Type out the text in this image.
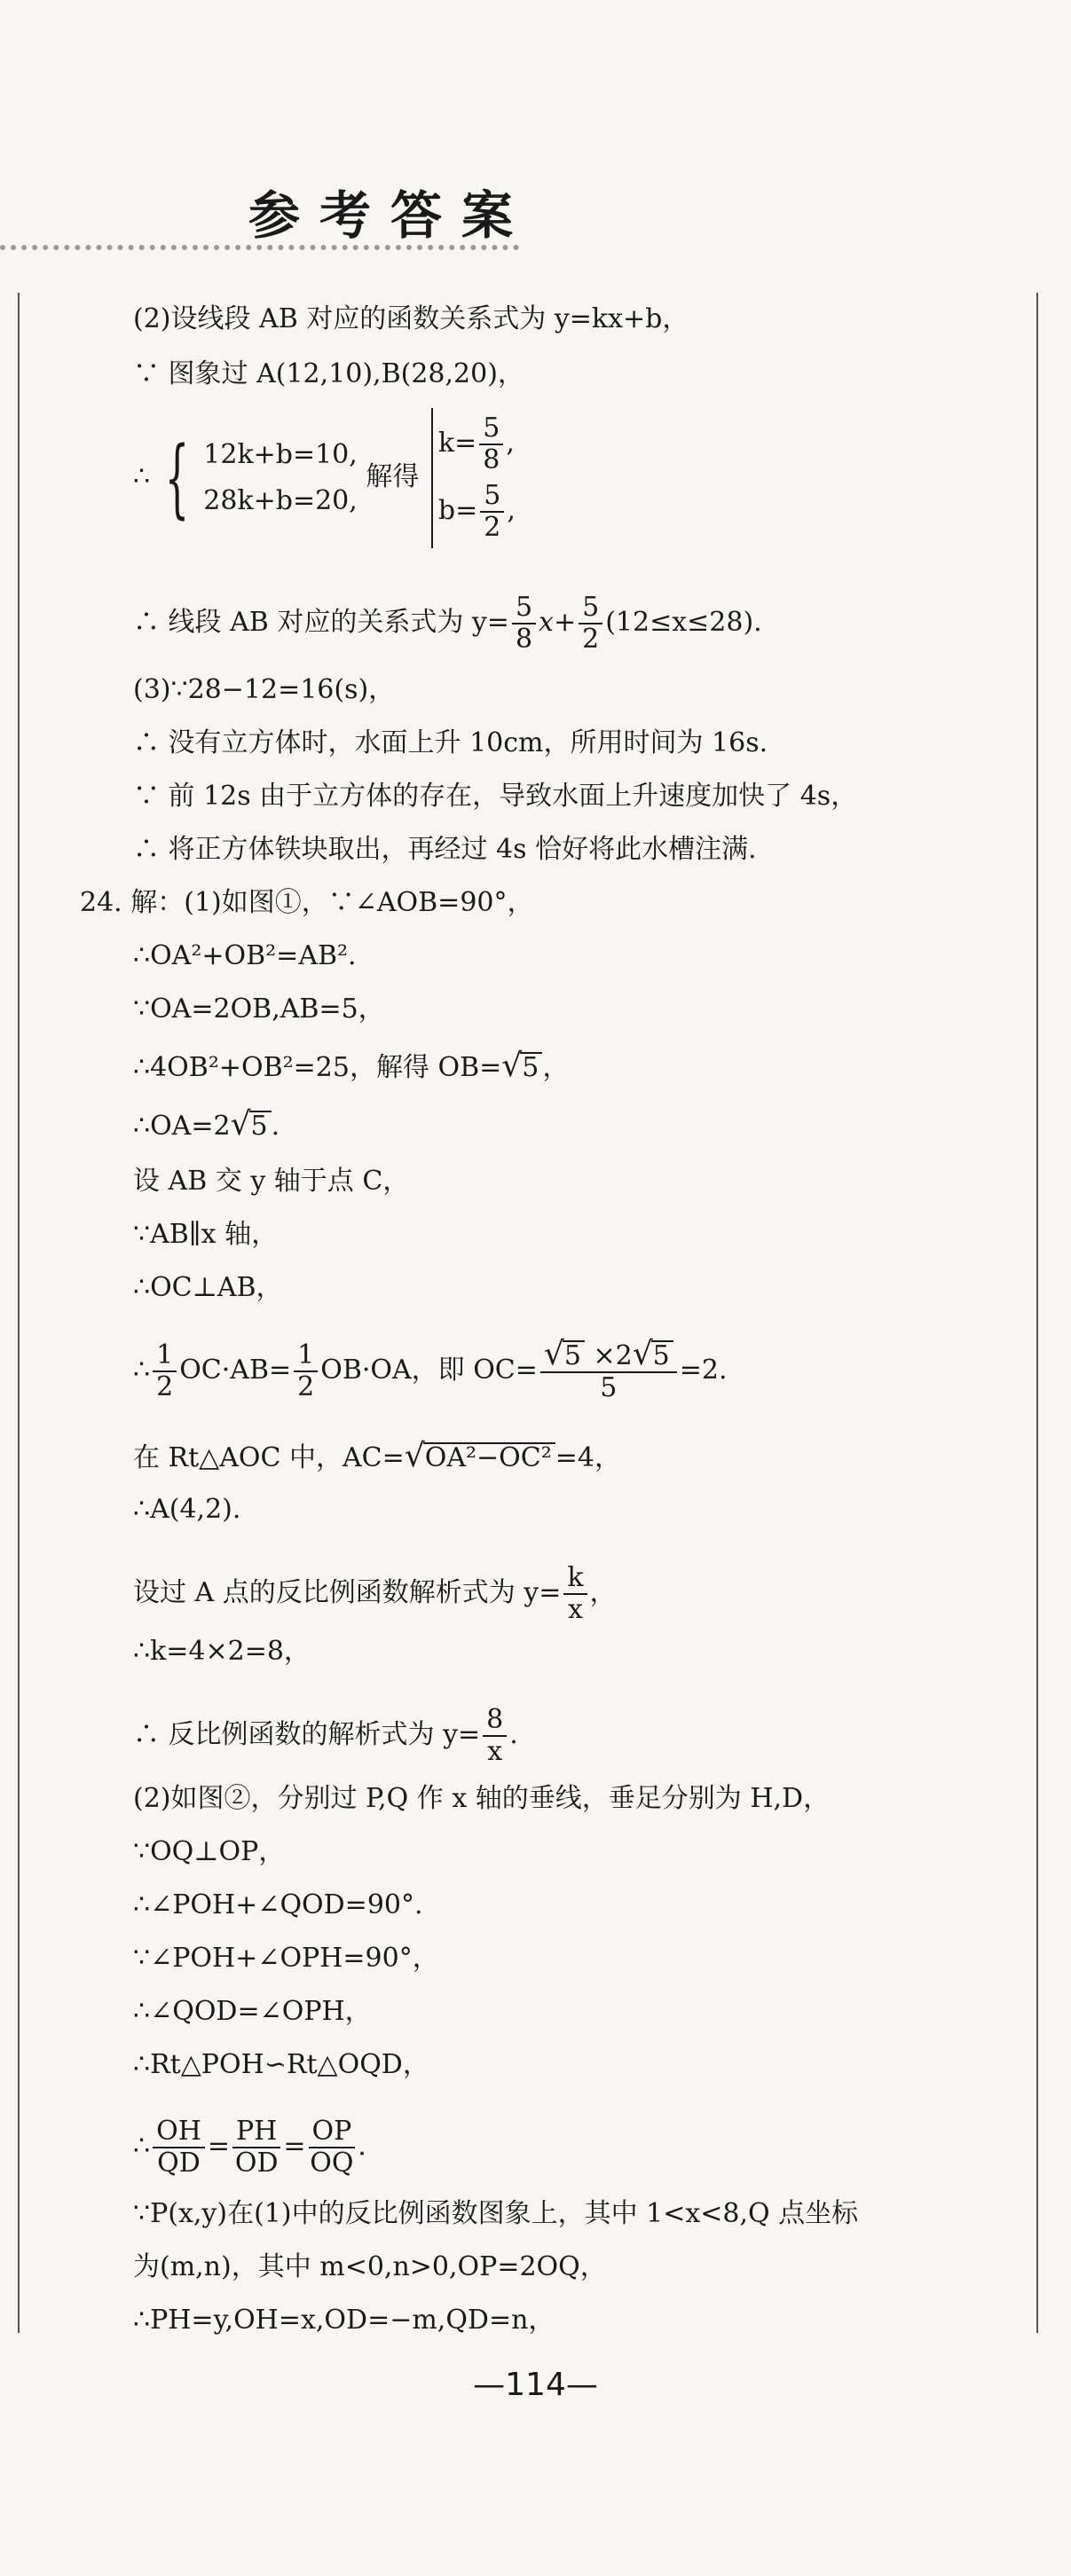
参考答案
(2)设线段 AB 对应的函数关系式为 y=kx+b，
∵ 图象过 A(12,10),B(28,20)，
∴ { 12k+b=10,
28k+b=20,
解得
$k= \frac{5}{8}$ ,
$b= \frac{5}{2}$ ,
∴ 线段 AB 对应的关系式为 $y= \frac{5}{8} x+ \frac{5}{2} (12\le x\le 28)$.
(3)∵28−12=16(s)，
∴ 没有立方体时，水面上升 10cm，所用时间为 16s.
∵ 前 12s 由于立方体的存在，导致水面上升速度加快了 4s，
∴ 将正方体铁块取出，再经过 4s 恰好将此水槽注满.
24. 解：(1)如图①，∵∠AOB=90°，
∴OA²+OB²=AB².
∵OA=2OB,AB=5，
∴4OB²+OB²=25，解得 OB=√5 ，
∴OA=2√5 .
设 AB 交 y 轴于点 C，
∵AB∥x 轴，
∴OC⊥AB，
∴ $\frac{1}{2} OC\cdot AB= \frac{1}{2} OB\cdot OA$，即 $OC= \frac{√5 \times 2√5}{5} =2$.
在 Rt△AOC 中，AC=√OA²−OC² =4，
∴A(4,2).
设过 A 点的反比例函数解析式为 $y= \frac{k}{x}$ ，
∴k=4×2=8，
∴ 反比例函数的解析式为 $y= \frac{8}{x}$ .
(2)如图②，分别过 P,Q 作 x 轴的垂线，垂足分别为 H,D，
∵OQ⊥OP，
∴∠POH+∠QOD=90°.
∵∠POH+∠OPH=90°，
∴∠QOD=∠OPH，
∴Rt△POH∽Rt△OQD，
∴ $\frac{OH}{QD} = \frac{PH}{OD} = \frac{OP}{OQ}$ .
∵P(x,y)在(1)中的反比例函数图象上，其中 1<x<8,Q 点坐标
为(m,n)，其中 m<0,n>0,OP=2OQ，
∴PH=y,OH=x,OD=−m,QD=n，
—114—
